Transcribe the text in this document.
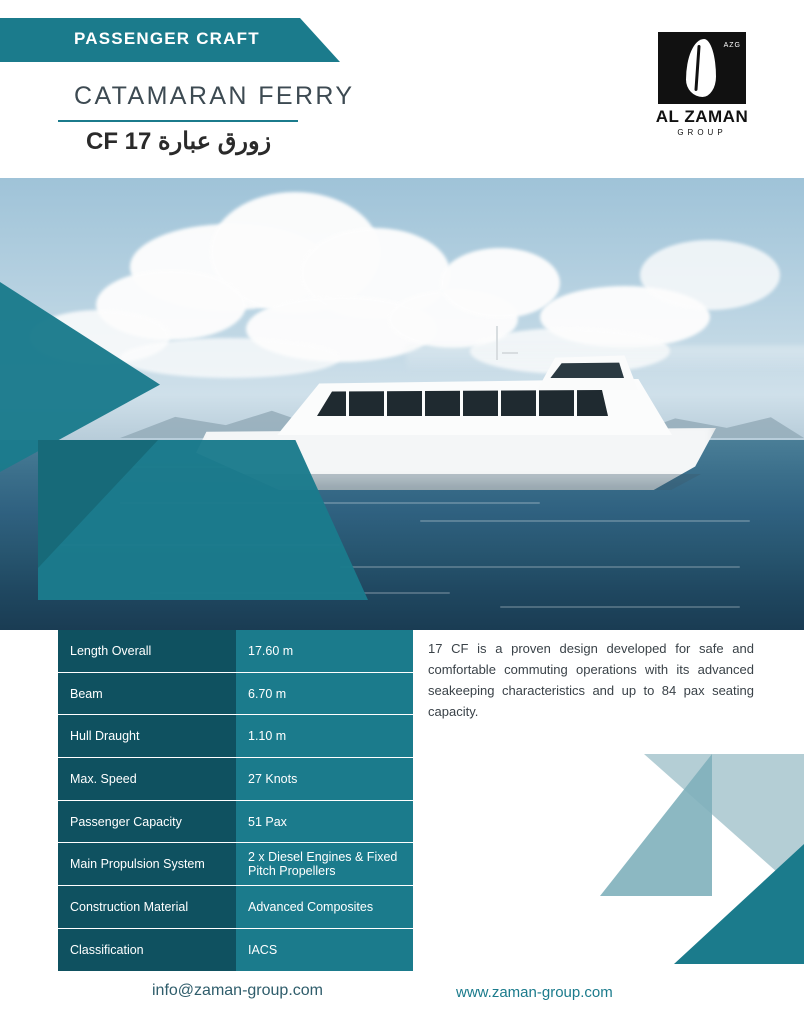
PASSENGER CRAFT
CATAMARAN FERRY
زورق عبارة 17 CF
AZG
AL ZAMAN
GROUP
Length Overall	17.60 m
Beam	6.70 m
Hull Draught	1.10 m
Max. Speed	27 Knots
Passenger Capacity	51 Pax
Main Propulsion System	2 x Diesel Engines & Fixed Pitch Propellers
Construction Material	Advanced Composites
Classification	IACS
17 CF is a proven design developed for safe and comfortable commuting operations with its advanced seakeeping characteristics and up to 84 pax seating capacity.
info@zaman-group.com	www.zaman-group.com
